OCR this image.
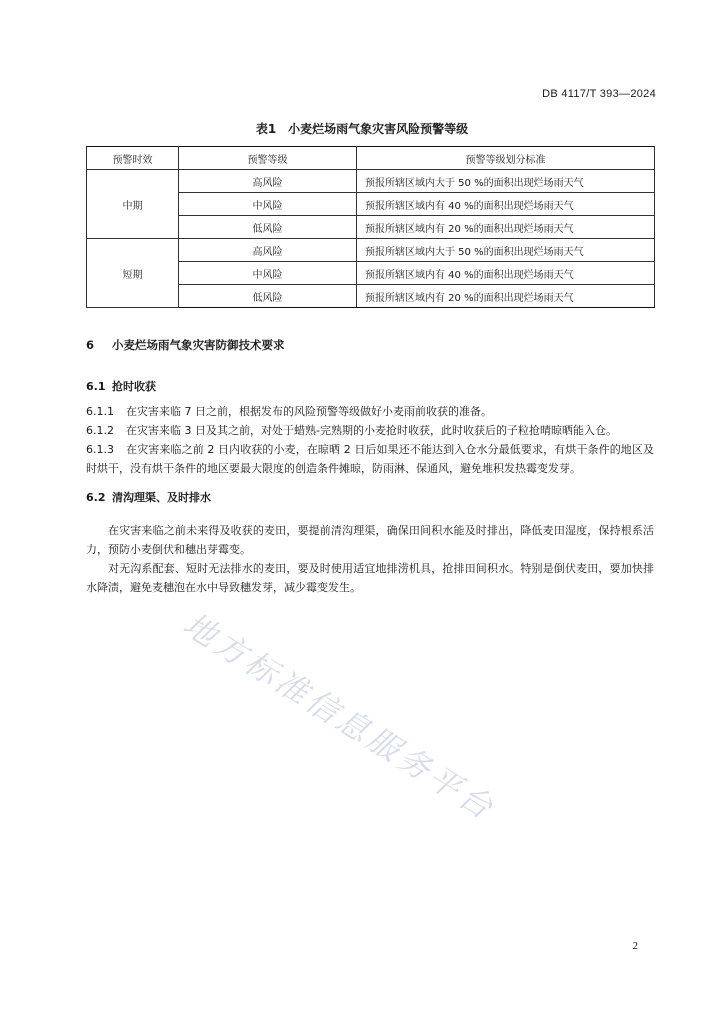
DB 4117/T 393—2024
表1　小麦烂场雨气象灾害风险预警等级
预警时效	预警等级	预警等级划分标准
中期	高风险	预报所辖区域内大于 50 %的面积出现烂场雨天气
	中风险	预报所辖区域内有 40 %的面积出现烂场雨天气
	低风险	预报所辖区域内有 20 %的面积出现烂场雨天气
短期	高风险	预报所辖区域内大于 50 %的面积出现烂场雨天气
	中风险	预报所辖区域内有 40 %的面积出现烂场雨天气
	低风险	预报所辖区域内有 20 %的面积出现烂场雨天气
6 小麦烂场雨气象灾害防御技术要求
6.1 抢时收获

6.1.1 在灾害来临 7 日之前，根据发布的风险预警等级做好小麦雨前收获的准备。

6.1.2 在灾害来临 3 日及其之前，对处于蜡熟-完熟期的小麦抢时收获，此时收获后的子粒抢晴晾晒能入仓。

6.1.3 在灾害来临之前 2 日内收获的小麦，在晾晒 2 日后如果还不能达到入仓水分最低要求，有烘干条件的地区及时烘干，没有烘干条件的地区要最大限度的创造条件摊晾，防雨淋、保通风，避免堆积发热霉变发芽。

6.2 清沟理渠、及时排水

在灾害来临之前未来得及收获的麦田，要提前清沟理渠，确保田间积水能及时排出，降低麦田湿度，保持根系活力，预防小麦倒伏和穗出芽霉变。

对无沟系配套、短时无法排水的麦田，要及时使用适宜地排涝机具，抢排田间积水。特别是倒伏麦田，要加快排水降渍，避免麦穗泡在水中导致穗发芽，减少霉变发生。

地方标准信息服务平台
2
